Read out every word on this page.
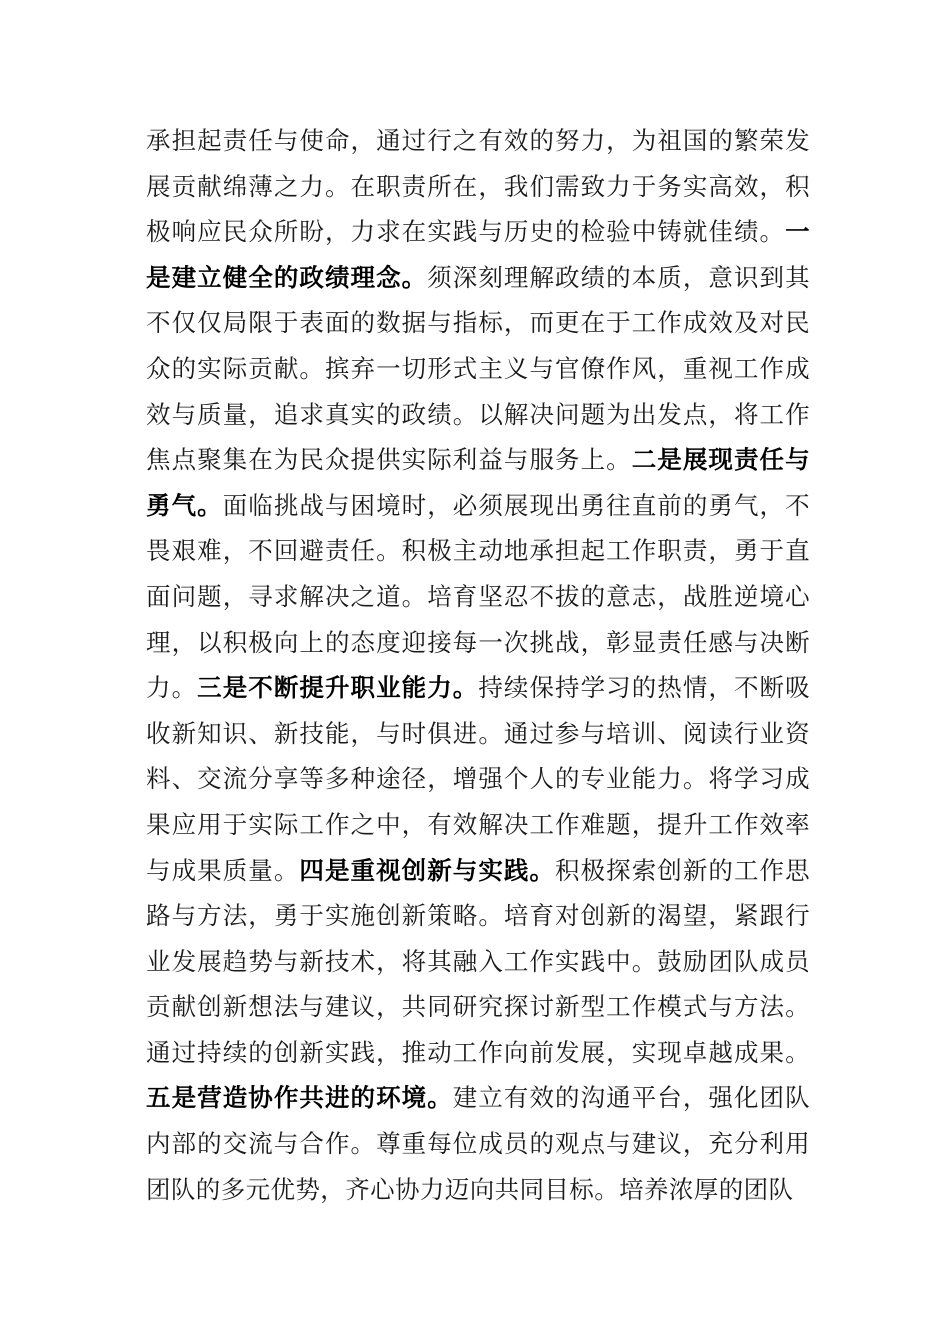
承担起责任与使命，通过行之有效的努力，为祖国的繁荣发展贡献绵薄之力。在职责所在，我们需致力于务实高效，积极响应民众所盼，力求在实践与历史的检验中铸就佳绩。一是建立健全的政绩理念。须深刻理解政绩的本质，意识到其不仅仅局限于表面的数据与指标，而更在于工作成效及对民众的实际贡献。摈弃一切形式主义与官僚作风，重视工作成效与质量，追求真实的政绩。以解决问题为出发点，将工作焦点聚集在为民众提供实际利益与服务上。二是展现责任与勇气。面临挑战与困境时，必须展现出勇往直前的勇气，不畏艰难，不回避责任。积极主动地承担起工作职责，勇于直面问题，寻求解决之道。培育坚忍不拔的意志，战胜逆境心理，以积极向上的态度迎接每一次挑战，彰显责任感与决断力。三是不断提升职业能力。持续保持学习的热情，不断吸收新知识、新技能，与时俱进。通过参与培训、阅读行业资料、交流分享等多种途径，增强个人的专业能力。将学习成果应用于实际工作之中，有效解决工作难题，提升工作效率与成果质量。四是重视创新与实践。积极探索创新的工作思路与方法，勇于实施创新策略。培育对创新的渴望，紧跟行业发展趋势与新技术，将其融入工作实践中。鼓励团队成员贡献创新想法与建议，共同研究探讨新型工作模式与方法。通过持续的创新实践，推动工作向前发展，实现卓越成果。五是营造协作共进的环境。建立有效的沟通平台，强化团队内部的交流与合作。尊重每位成员的观点与建议，充分利用团队的多元优势，齐心协力迈向共同目标。培养浓厚的团队
